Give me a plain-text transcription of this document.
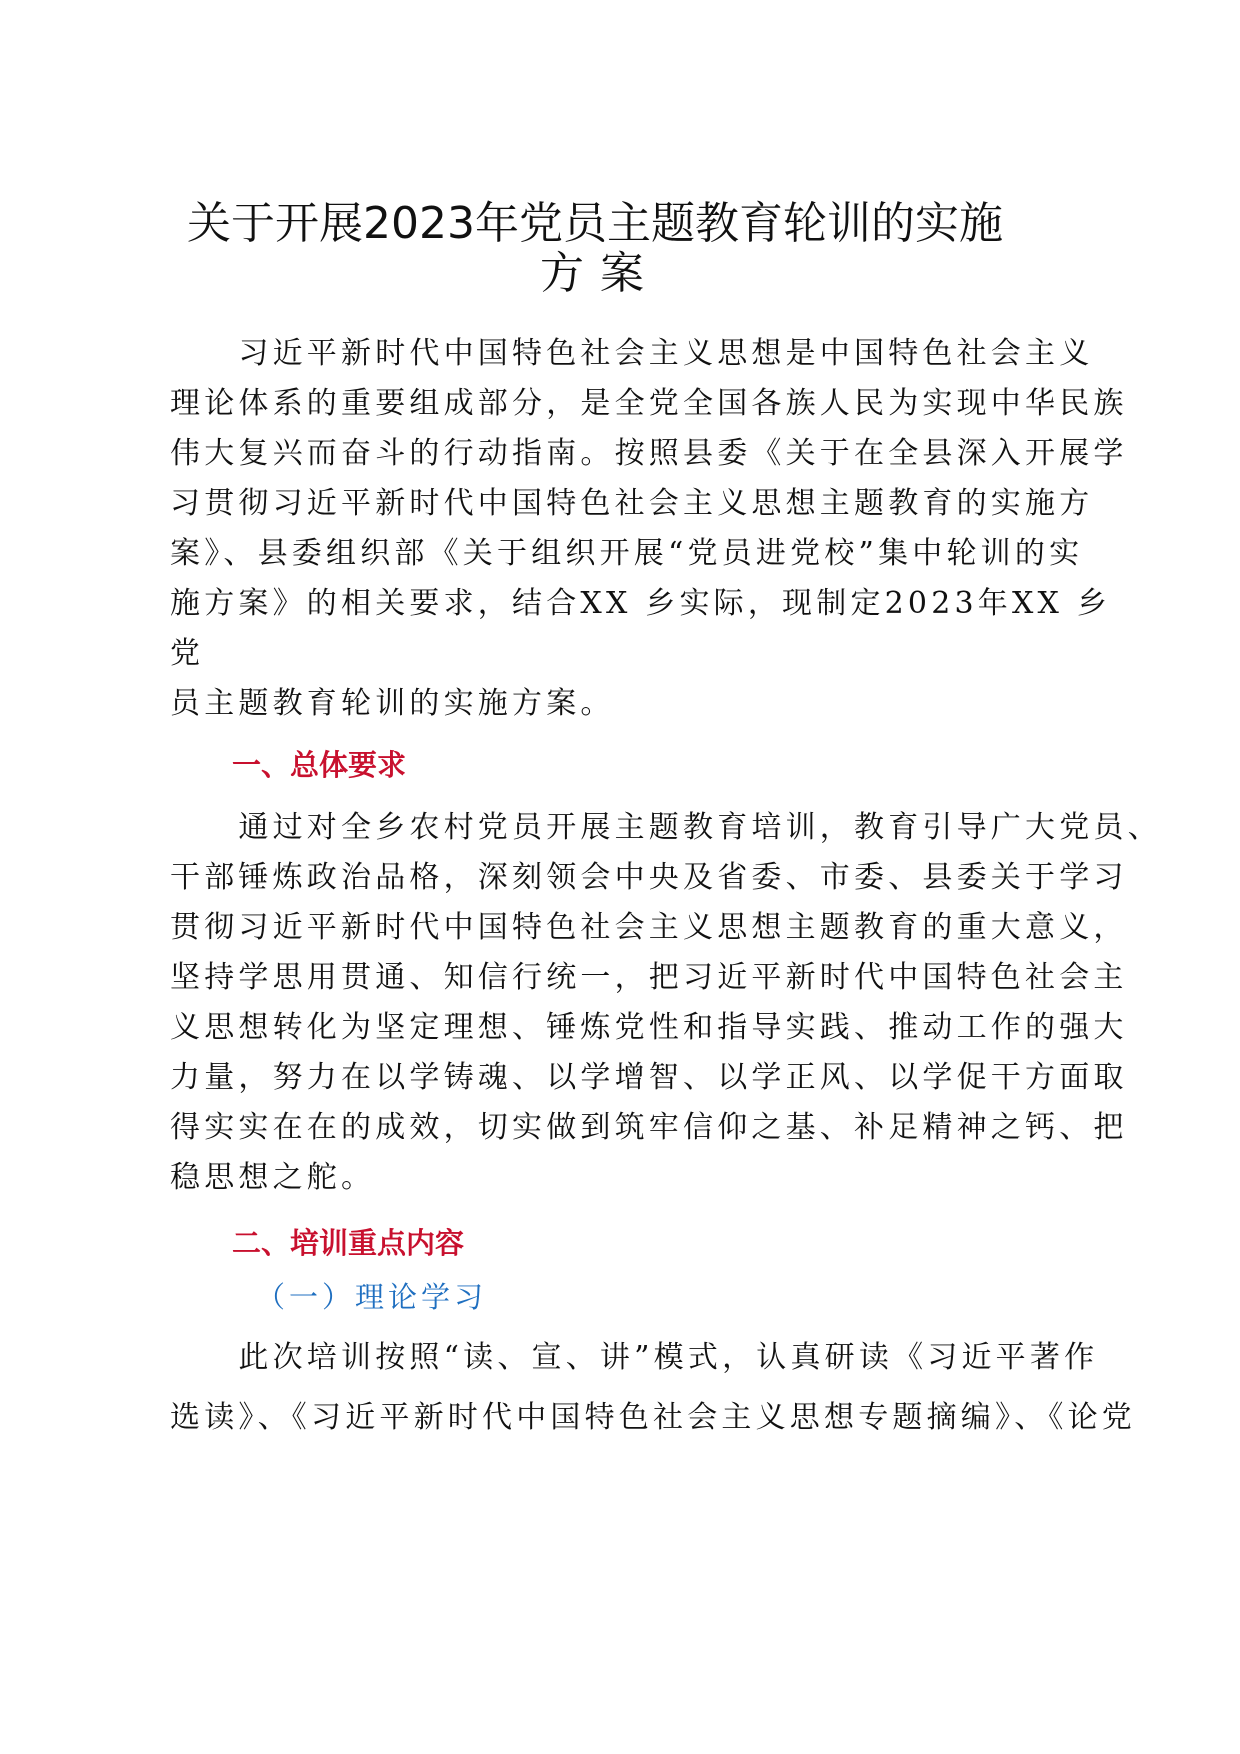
关于开展2023年党员主题教育轮训的实施
方案
　　习近平新时代中国特色社会主义思想是中国特色社会主义
理论体系的重要组成部分，是全党全国各族人民为实现中华民族
伟大复兴而奋斗的行动指南。按照县委《关于在全县深入开展学
习贯彻习近平新时代中国特色社会主义思想主题教育的实施方
案》、县委组织部《关于组织开展“党员进党校”集中轮训的实
施方案》的相关要求，结合XX 乡实际，现制定2023年XX 乡
党
员主题教育轮训的实施方案。
一、总体要求
　　通过对全乡农村党员开展主题教育培训，教育引导广大党员、
干部锤炼政治品格，深刻领会中央及省委、市委、县委关于学习
贯彻习近平新时代中国特色社会主义思想主题教育的重大意义，
坚持学思用贯通、知信行统一，把习近平新时代中国特色社会主
义思想转化为坚定理想、锤炼党性和指导实践、推动工作的强大
力量，努力在以学铸魂、以学增智、以学正风、以学促干方面取
得实实在在的成效，切实做到筑牢信仰之基、补足精神之钙、把
稳思想之舵。
二、培训重点内容
（一）理论学习
　　此次培训按照“读、宣、讲”模式，认真研读《习近平著作
选读》、《习近平新时代中国特色社会主义思想专题摘编》、《论党
